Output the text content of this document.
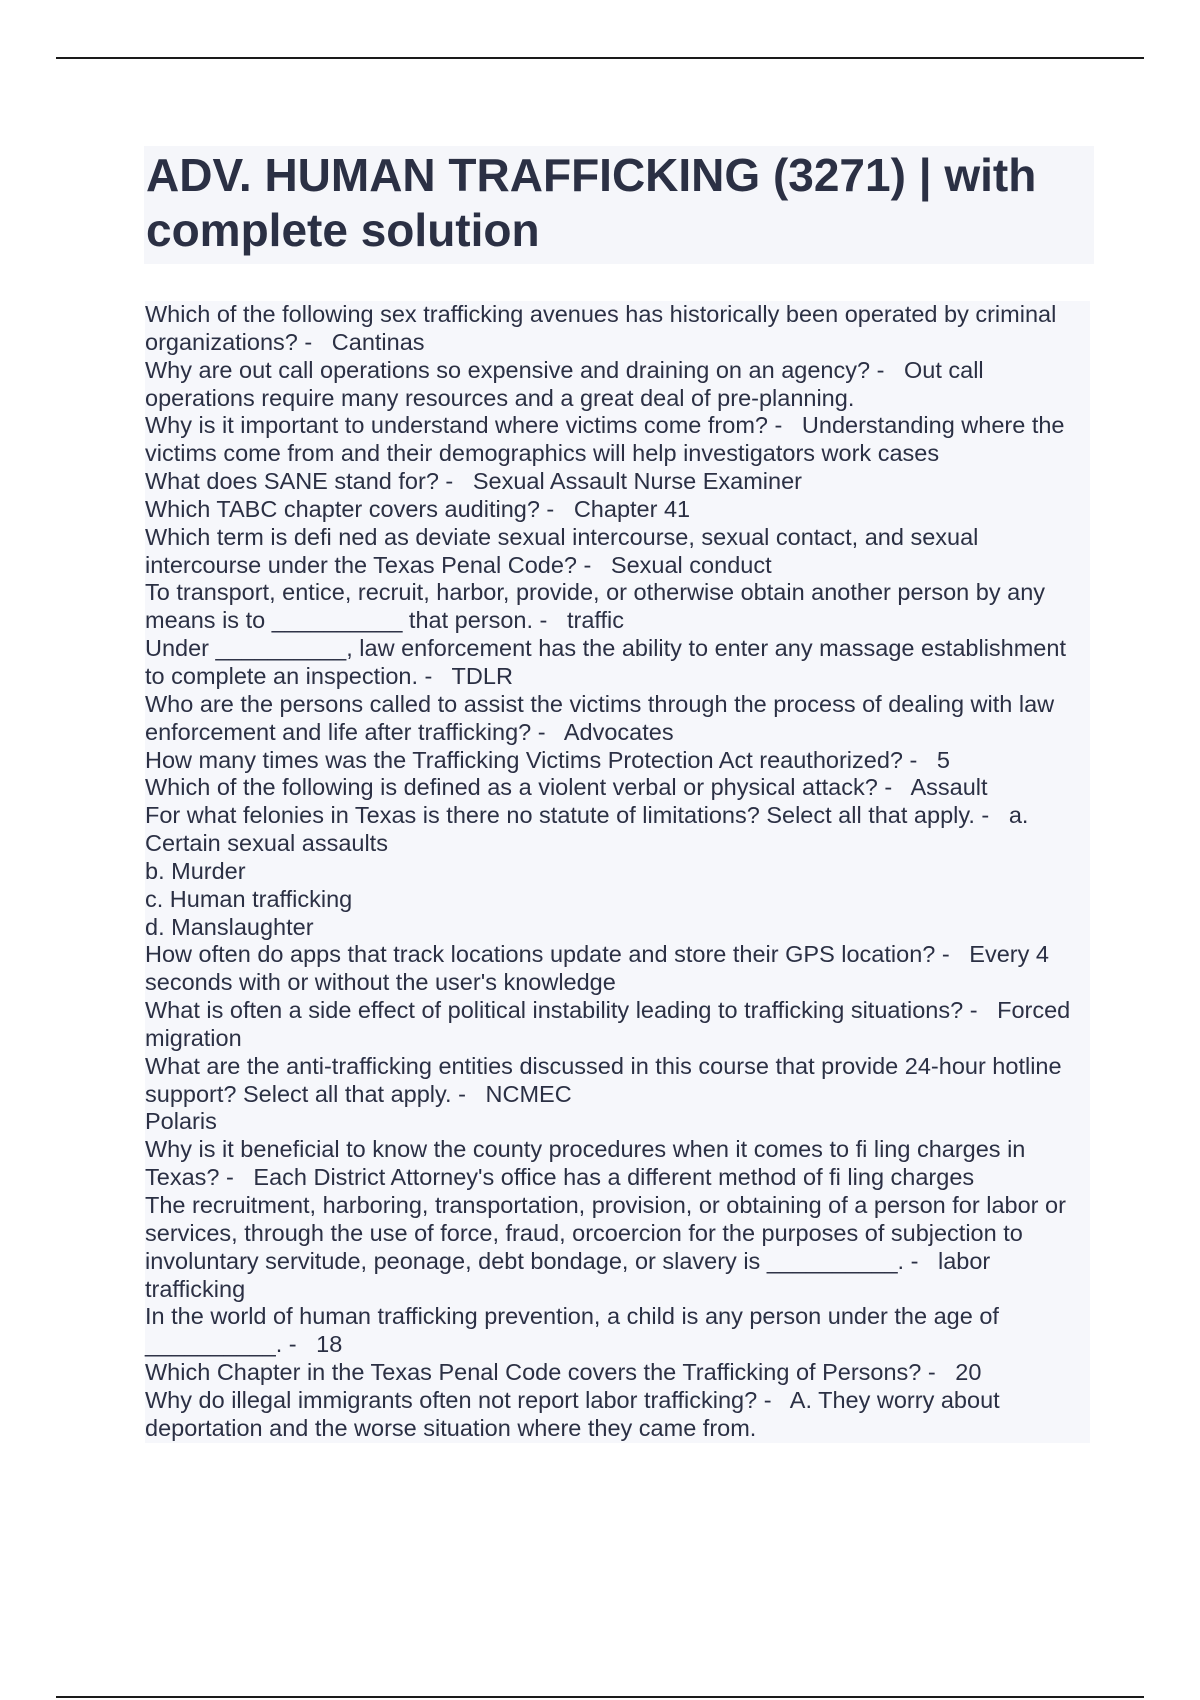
ADV. HUMAN TRAFFICKING (3271) | with complete solution

Which of the following sex trafficking avenues has historically been operated by criminal organizations? -   Cantinas

Why are out call operations so expensive and draining on an agency? -   Out call operations require many resources and a great deal of pre-planning.

Why is it important to understand where victims come from? -   Understanding where the victims come from and their demographics will help investigators work cases

What does SANE stand for? -   Sexual Assault Nurse Examiner

Which TABC chapter covers auditing? -   Chapter 41

Which term is defi ned as deviate sexual intercourse, sexual contact, and sexual intercourse under the Texas Penal Code? -   Sexual conduct

To transport, entice, recruit, harbor, provide, or otherwise obtain another person by any means is to __________ that person. -   traffic

Under __________, law enforcement has the ability to enter any massage establishment to complete an inspection. -   TDLR

Who are the persons called to assist the victims through the process of dealing with law enforcement and life after trafficking? -   Advocates

How many times was the Trafficking Victims Protection Act reauthorized? -   5

Which of the following is defined as a violent verbal or physical attack? -   Assault

For what felonies in Texas is there no statute of limitations? Select all that apply. -   a. Certain sexual assaults

b. Murder

c. Human trafficking

d. Manslaughter

How often do apps that track locations update and store their GPS location? -   Every 4 seconds with or without the user's knowledge

What is often a side effect of political instability leading to trafficking situations? -   Forced migration

What are the anti-trafficking entities discussed in this course that provide 24-hour hotline support? Select all that apply. -   NCMEC

Polaris

Why is it beneficial to know the county procedures when it comes to fi ling charges in Texas? -   Each District Attorney's office has a different method of fi ling charges

The recruitment, harboring, transportation, provision, or obtaining of a person for labor or services, through the use of force, fraud, orcoercion for the purposes of subjection to involuntary servitude, peonage, debt bondage, or slavery is __________. -   labor trafficking

In the world of human trafficking prevention, a child is any person under the age of __________. -   18

Which Chapter in the Texas Penal Code covers the Trafficking of Persons? -   20

Why do illegal immigrants often not report labor trafficking? -   A. They worry about deportation and the worse situation where they came from.
